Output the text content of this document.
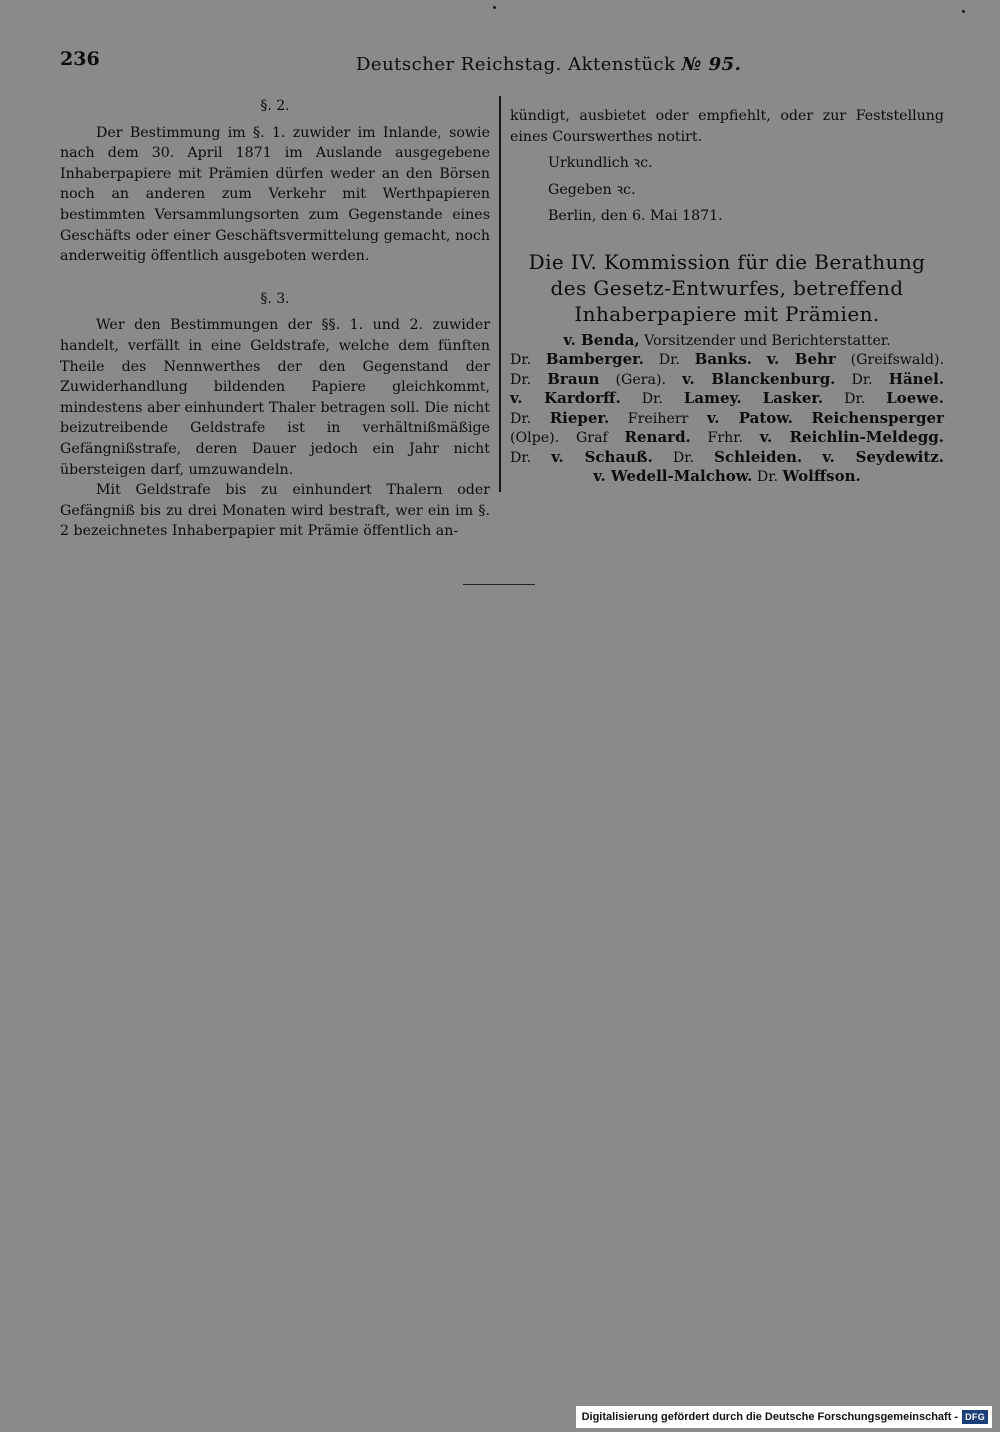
236	Deutscher Reichstag. Aktenstück № 95.
§. 2.

Der Bestimmung im §. 1. zuwider im Inlande, sowie nach dem 30. April 1871 im Auslande ausgegebene Inhaberpapiere mit Prämien dürfen weder an den Börsen noch an anderen zum Verkehr mit Werthpapieren bestimmten Versammlungsorten zum Gegenstande eines Geschäfts oder einer Geschäftsvermittelung gemacht, noch anderweitig öffentlich ausgeboten werden.

§. 3.

Wer den Bestimmungen der §§. 1. und 2. zuwider handelt, verfällt in eine Geldstrafe, welche dem fünften Theile des Nennwerthes der den Gegenstand der Zuwiderhandlung bildenden Papiere gleichkommt, mindestens aber einhundert Thaler betragen soll. Die nicht beizutreibende Geldstrafe ist in verhältnißmäßige Gefängnißstrafe, deren Dauer jedoch ein Jahr nicht übersteigen darf, umzuwandeln.

Mit Geldstrafe bis zu einhundert Thalern oder Gefängniß bis zu drei Monaten wird bestraft, wer ein im §. 2 bezeichnetes Inhaberpapier mit Prämie öffentlich an-

kündigt, ausbietet oder empfiehlt, oder zur Feststellung eines Courswerthes notirt.

Urkundlich ꝛc.

Gegeben ꝛc.

Berlin, den 6. Mai 1871.

Die IV. Kommission für die Berathung des Gesetz-Entwurfes, betreffend Inhaberpapiere mit Prämien.
v. Benda, Vorsitzender und Berichterstatter.
Dr. Bamberger. Dr. Banks. v. Behr (Greifswald).
Dr. Braun (Gera). v. Blanckenburg. Dr. Hänel.
v. Kardorff. Dr. Lamey. Lasker. Dr. Loewe.
Dr. Rieper. Freiherr v. Patow. Reichensperger
(Olpe). Graf Renard. Frhr. v. Reichlin-Meldegg.
Dr. v. Schauß. Dr. Schleiden. v. Seydewitz.
v. Wedell-Malchow. Dr. Wolffson.
Digitalisierung gefördert durch die Deutsche Forschungsgemeinschaft - DFG
